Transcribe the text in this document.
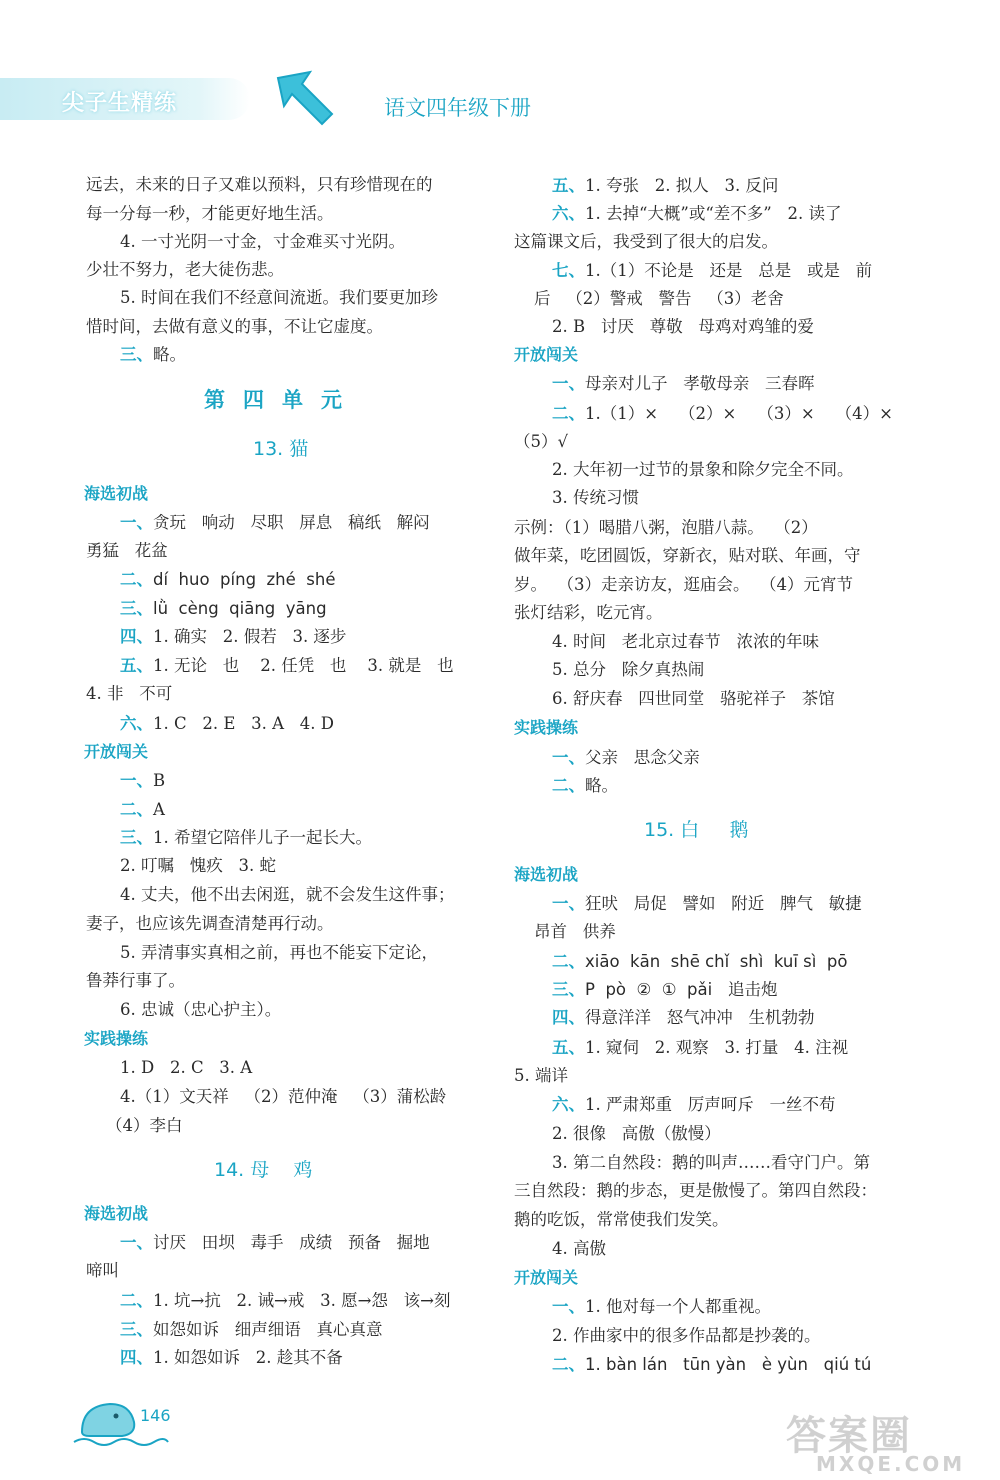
尖子生精练	语文四年级下册
远去，未来的日子又难以预料，只有珍惜现在的
每一分每一秒，才能更好地生活。
4. 一寸光阴一寸金，寸金难买寸光阴。
少壮不努力，老大徒伤悲。
5. 时间在我们不经意间流逝。我们要更加珍
惜时间，去做有意义的事，不让它虚度。
三、略。
第四单元
13. 猫
海选初战
一、贪玩   响动   尽职   屏息   稿纸   解闷
勇猛   花盆
二、dí  huo  píng  zhé  shé
三、lǜ  cèng  qiāng  yāng
四、1. 确实   2. 假若   3. 逐步
五、1. 无论   也    2. 任凭   也    3. 就是   也
4. 非   不可
六、1. C   2. E   3. A   4. D
开放闯关
一、B
二、A
三、1. 希望它陪伴儿子一起长大。
2. 叮嘱   愧疚   3. 蛇
4. 丈夫，他不出去闲逛，就不会发生这件事；
妻子，也应该先调查清楚再行动。
5. 弄清事实真相之前，再也不能妄下定论，
鲁莽行事了。
6. 忠诚（忠心护主）。
实践操练
1. D   2. C   3. A
4.（1）文天祥   （2）范仲淹   （3）蒲松龄
（4）李白
14. 母    鸡
海选初战
一、讨厌   田坝   毒手   成绩   预备   掘地
啼叫
二、1. 坑→抗   2. 诫→戒   3. 愿→怨   该→刻
三、如怨如诉   细声细语   真心真意
四、1. 如怨如诉   2. 趁其不备
五、1. 夸张   2. 拟人   3. 反问
六、1. 去掉“大概”或“差不多”   2. 读了
这篇课文后，我受到了很大的启发。
七、1.（1）不论是   还是   总是   或是   前
后   （2）警戒   警告   （3）老舍
2. B   讨厌   尊敬   母鸡对鸡雏的爱
开放闯关
一、母亲对儿子   孝敬母亲   三春晖
二、1.（1）×    （2）×    （3）×    （4）×
（5）√
2. 大年初一过节的景象和除夕完全不同。
3. 传统习惯
示例：（1）喝腊八粥，泡腊八蒜。  （2）
做年菜，吃团圆饭，穿新衣，贴对联、年画，守
岁。  （3）走亲访友，逛庙会。  （4）元宵节
张灯结彩，吃元宵。
4. 时间   老北京过春节   浓浓的年味
5. 总分   除夕真热闹
6. 舒庆春   四世同堂   骆驼祥子   茶馆
实践操练
一、父亲   思念父亲
二、略。
15. 白     鹅
海选初战
一、狂吠   局促   譬如   附近   脾气   敏捷
昂首   供养
二、xiāo  kān  shē chǐ  shì  kuī sì  pō
三、P  pò  ②  ①  pǎi   追击炮
四、得意洋洋   怒气冲冲   生机勃勃
五、1. 窥伺   2. 观察   3. 打量   4. 注视
5. 端详
六、1. 严肃郑重   厉声呵斥   一丝不苟
2. 很像   高傲（傲慢）
3. 第二自然段：鹅的叫声……看守门户。第
三自然段：鹅的步态，更是傲慢了。第四自然段：
鹅的吃饭，常常使我们发笑。
4. 高傲
开放闯关
一、1. 他对每一个人都重视。
2. 作曲家中的很多作品都是抄袭的。
二、1. bàn lán   tūn yàn   è yùn   qiú tú
146	答案圈
MXQE.COM
